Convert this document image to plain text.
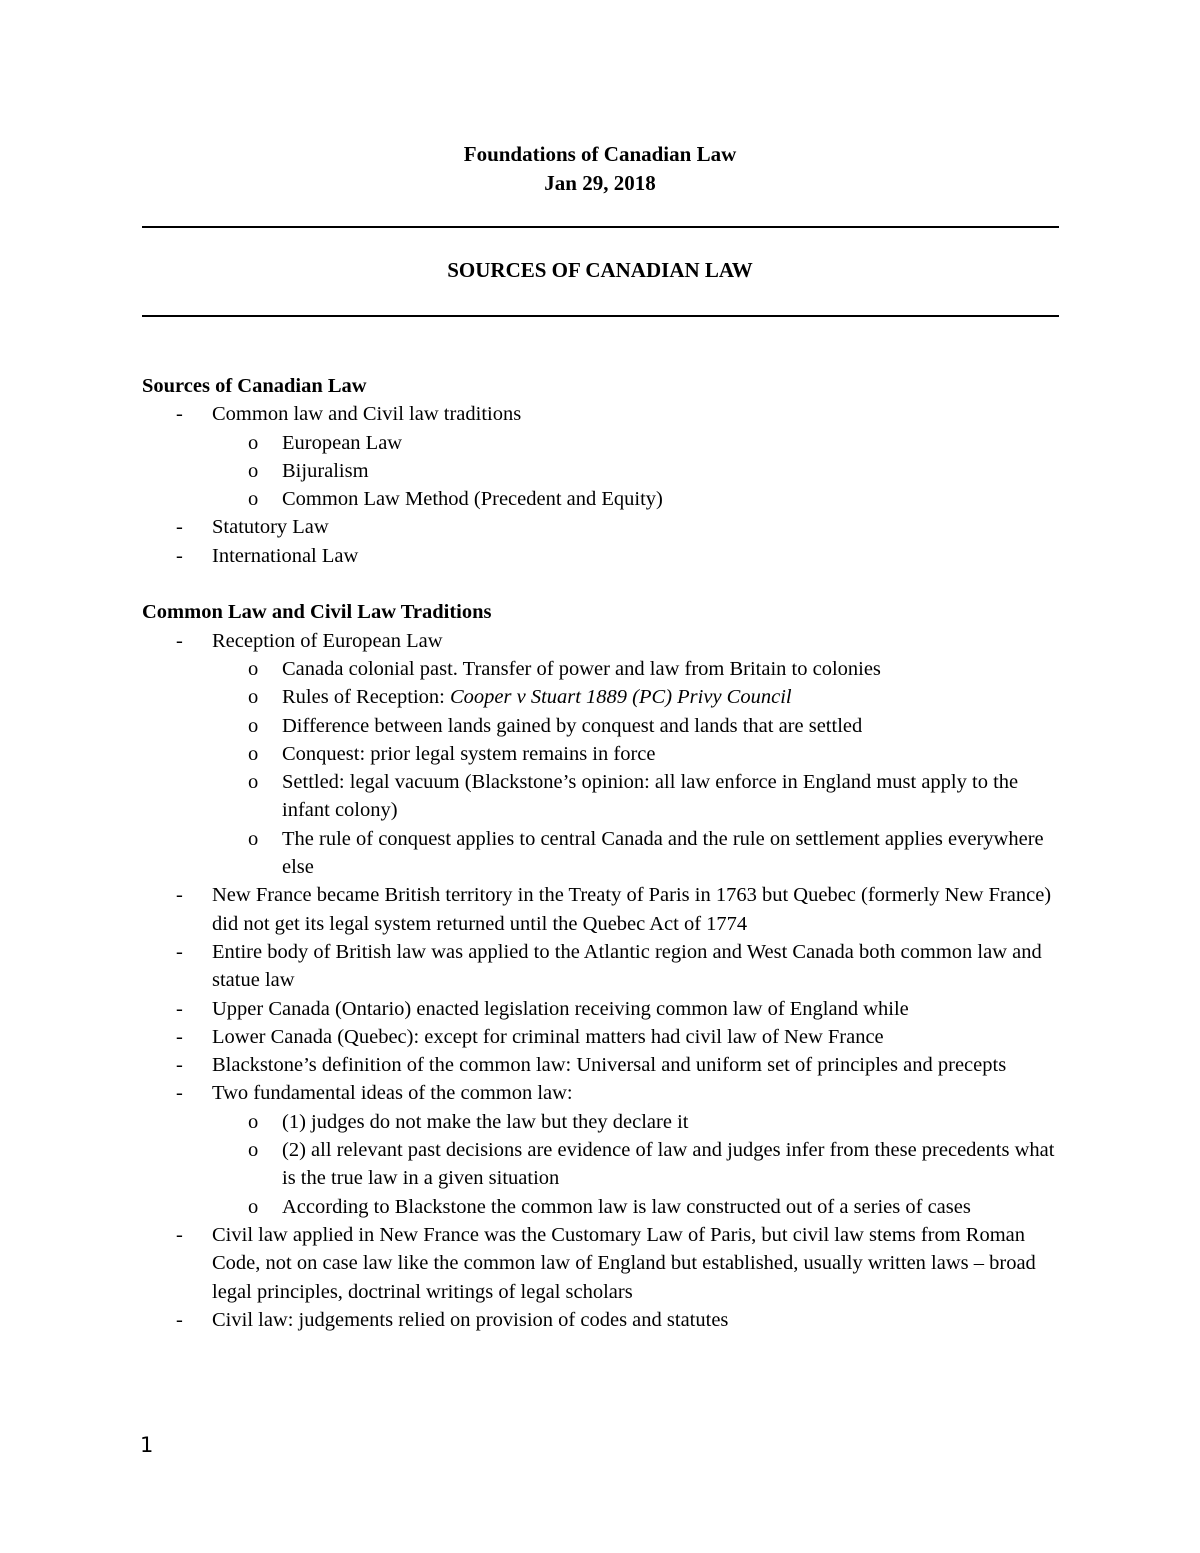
Foundations of Canadian Law
Jan 29, 2018
SOURCES OF CANADIAN LAW

Sources of Canadian Law

- Common law and Civil law traditions
o European Law
o Bijuralism
o Common Law Method (Precedent and Equity)
- Statutory Law
- International Law

Common Law and Civil Law Traditions

- Reception of European Law
o Canada colonial past. Transfer of power and law from Britain to colonies
o Rules of Reception: Cooper v Stuart 1889 (PC) Privy Council
o Difference between lands gained by conquest and lands that are settled
o Conquest: prior legal system remains in force
o Settled: legal vacuum (Blackstone’s opinion: all law enforce in England must apply to the infant colony)
o The rule of conquest applies to central Canada and the rule on settlement applies everywhere else
- New France became British territory in the Treaty of Paris in 1763 but Quebec (formerly New France) did not get its legal system returned until the Quebec Act of 1774
- Entire body of British law was applied to the Atlantic region and West Canada both common law and statue law
- Upper Canada (Ontario) enacted legislation receiving common law of England while
- Lower Canada (Quebec): except for criminal matters had civil law of New France
- Blackstone’s definition of the common law: Universal and uniform set of principles and precepts
- Two fundamental ideas of the common law:
o (1) judges do not make the law but they declare it
o (2) all relevant past decisions are evidence of law and judges infer from these precedents what is the true law in a given situation
o According to Blackstone the common law is law constructed out of a series of cases
- Civil law applied in New France was the Customary Law of Paris, but civil law stems from Roman Code, not on case law like the common law of England but established, usually written laws – broad legal principles, doctrinal writings of legal scholars
- Civil law: judgements relied on provision of codes and statutes
1
